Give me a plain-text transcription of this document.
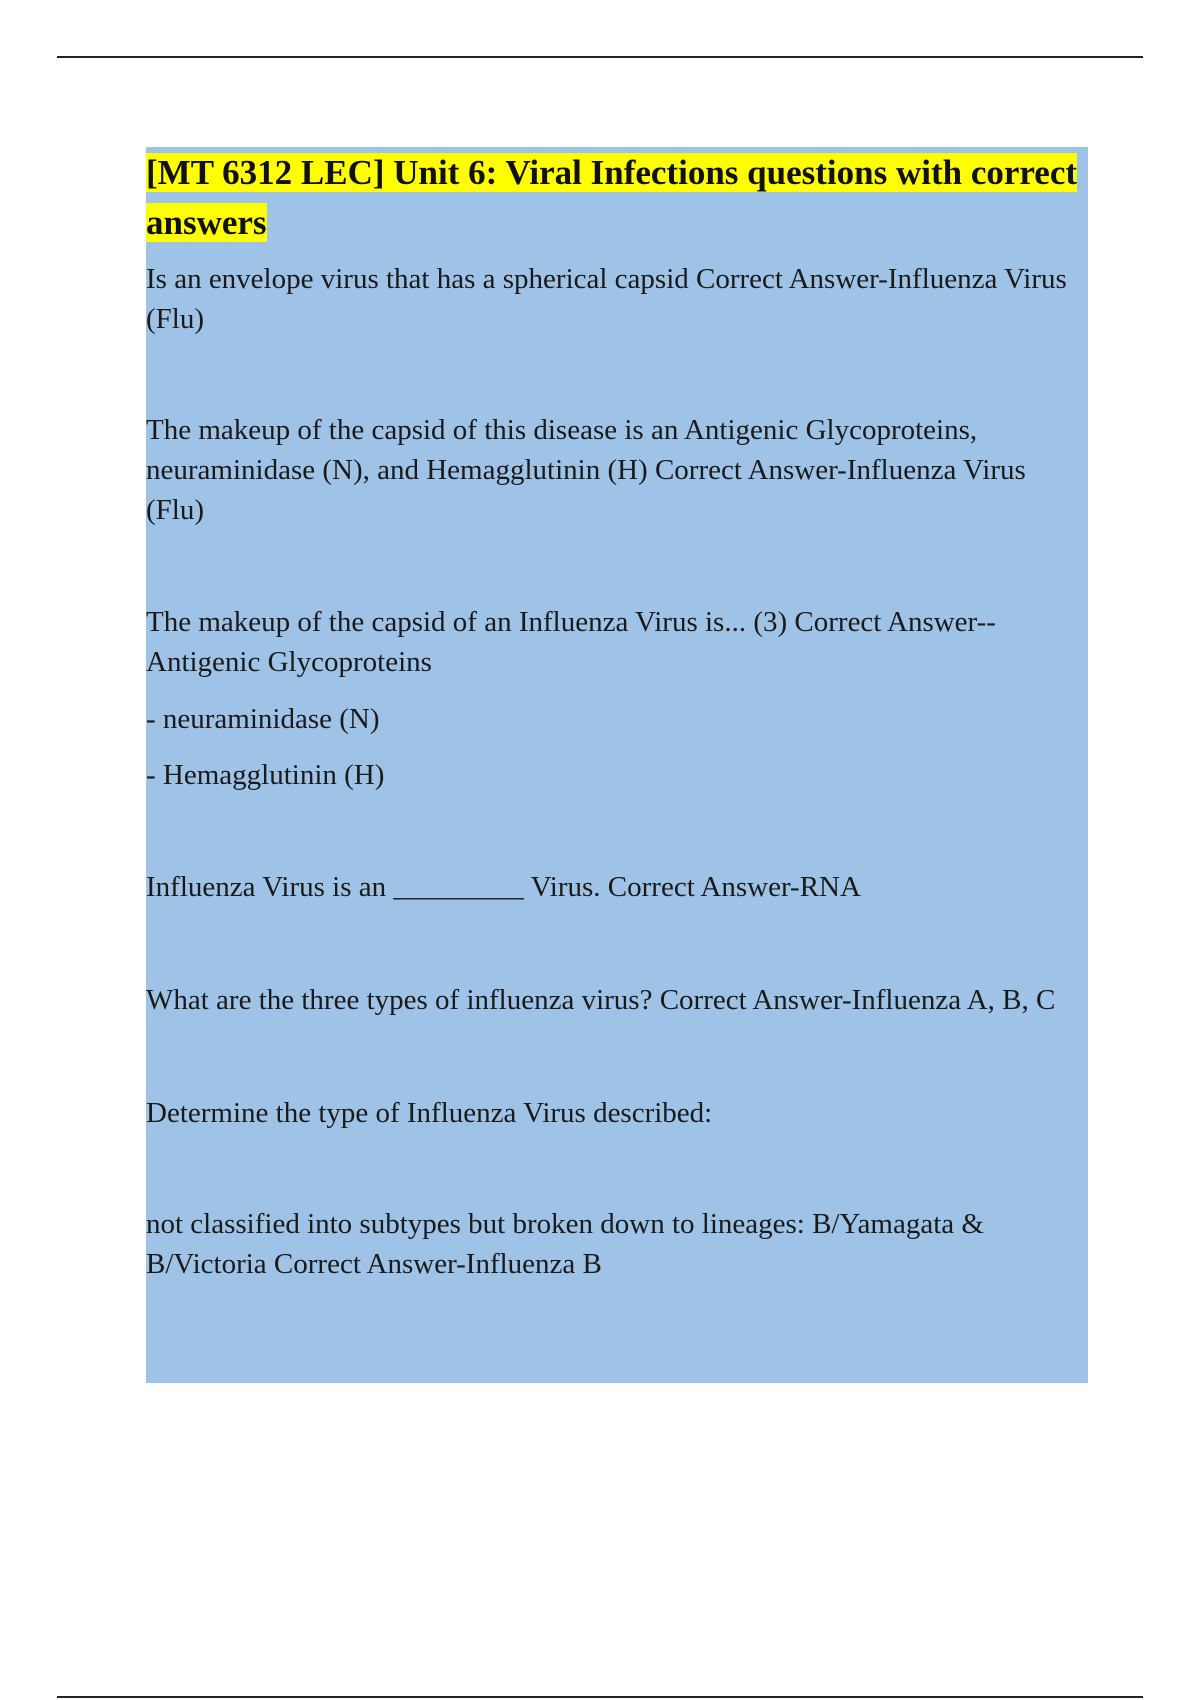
[MT 6312 LEC] Unit 6: Viral Infections questions with correct answers

Is an envelope virus that has a spherical capsid Correct Answer-Influenza Virus (Flu)

The makeup of the capsid of this disease is an Antigenic Glycoproteins, neuraminidase (N), and Hemagglutinin (H) Correct Answer-Influenza Virus (Flu)

The makeup of the capsid of an Influenza Virus is... (3) Correct Answer-- Antigenic Glycoproteins

- neuraminidase (N)

- Hemagglutinin (H)

Influenza Virus is an _________ Virus. Correct Answer-RNA

What are the three types of influenza virus? Correct Answer-Influenza A, B, C

Determine the type of Influenza Virus described:

not classified into subtypes but broken down to lineages: B/Yamagata & B/Victoria Correct Answer-Influenza B
